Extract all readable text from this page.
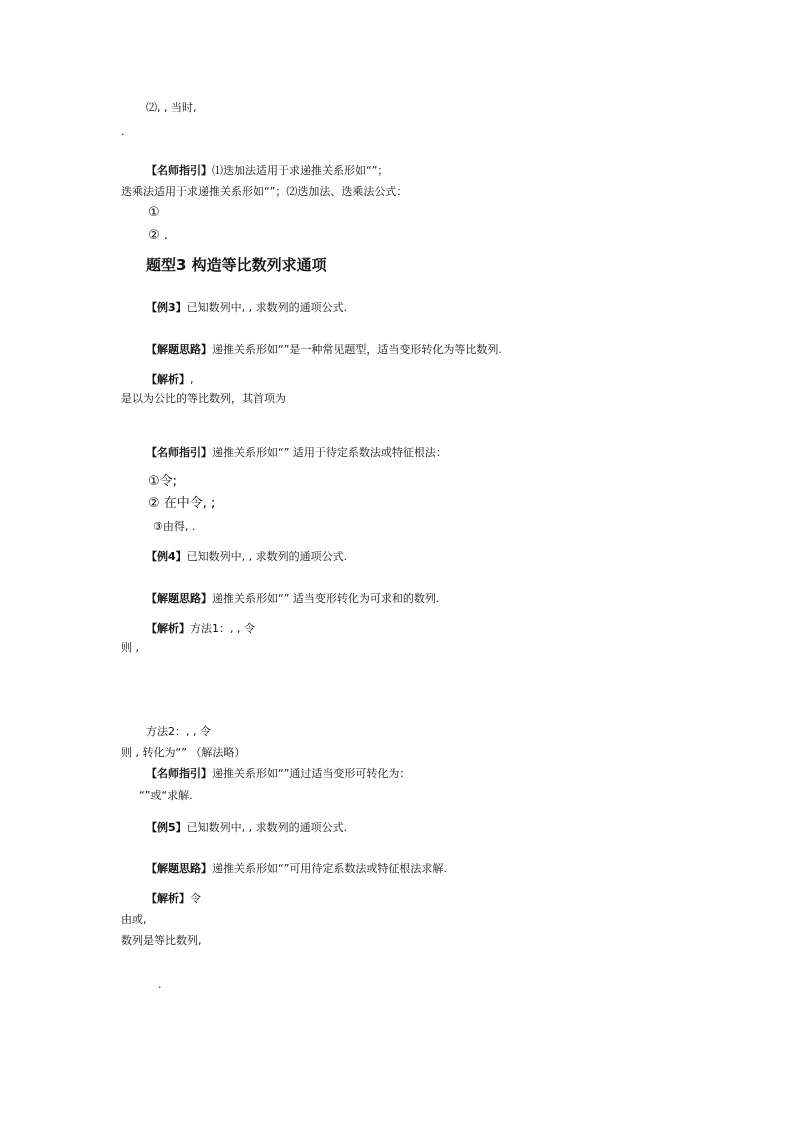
⑵, , 当时,
.
【名师指引】⑴迭加法适用于求递推关系形如“”；
迭乘法适用于求递推关系形如“”；⑵迭加法、迭乘法公式：
①
② .
题型3 构造等比数列求通项
【例3】已知数列中, , 求数列的通项公式.
【解题思路】递推关系形如“”是一种常见题型，适当变形转化为等比数列.
【解析】,
是以为公比的等比数列，其首项为
【名师指引】递推关系形如“” 适用于待定系数法或特征根法：
①令;
② 在中令, ;
③由得, .
【例4】已知数列中, , 求数列的通项公式.
【解题思路】递推关系形如“” 适当变形转化为可求和的数列.
【解析】方法1：, , 令
则 ,
方法2：, , 令
则 , 转化为“” （解法略）
【名师指引】递推关系形如“”通过适当变形可转化为：
“”或“求解.
【例5】已知数列中, , 求数列的通项公式.
【解题思路】递推关系形如“”可用待定系数法或特征根法求解.
【解析】令
由或,
数列是等比数列,
.
